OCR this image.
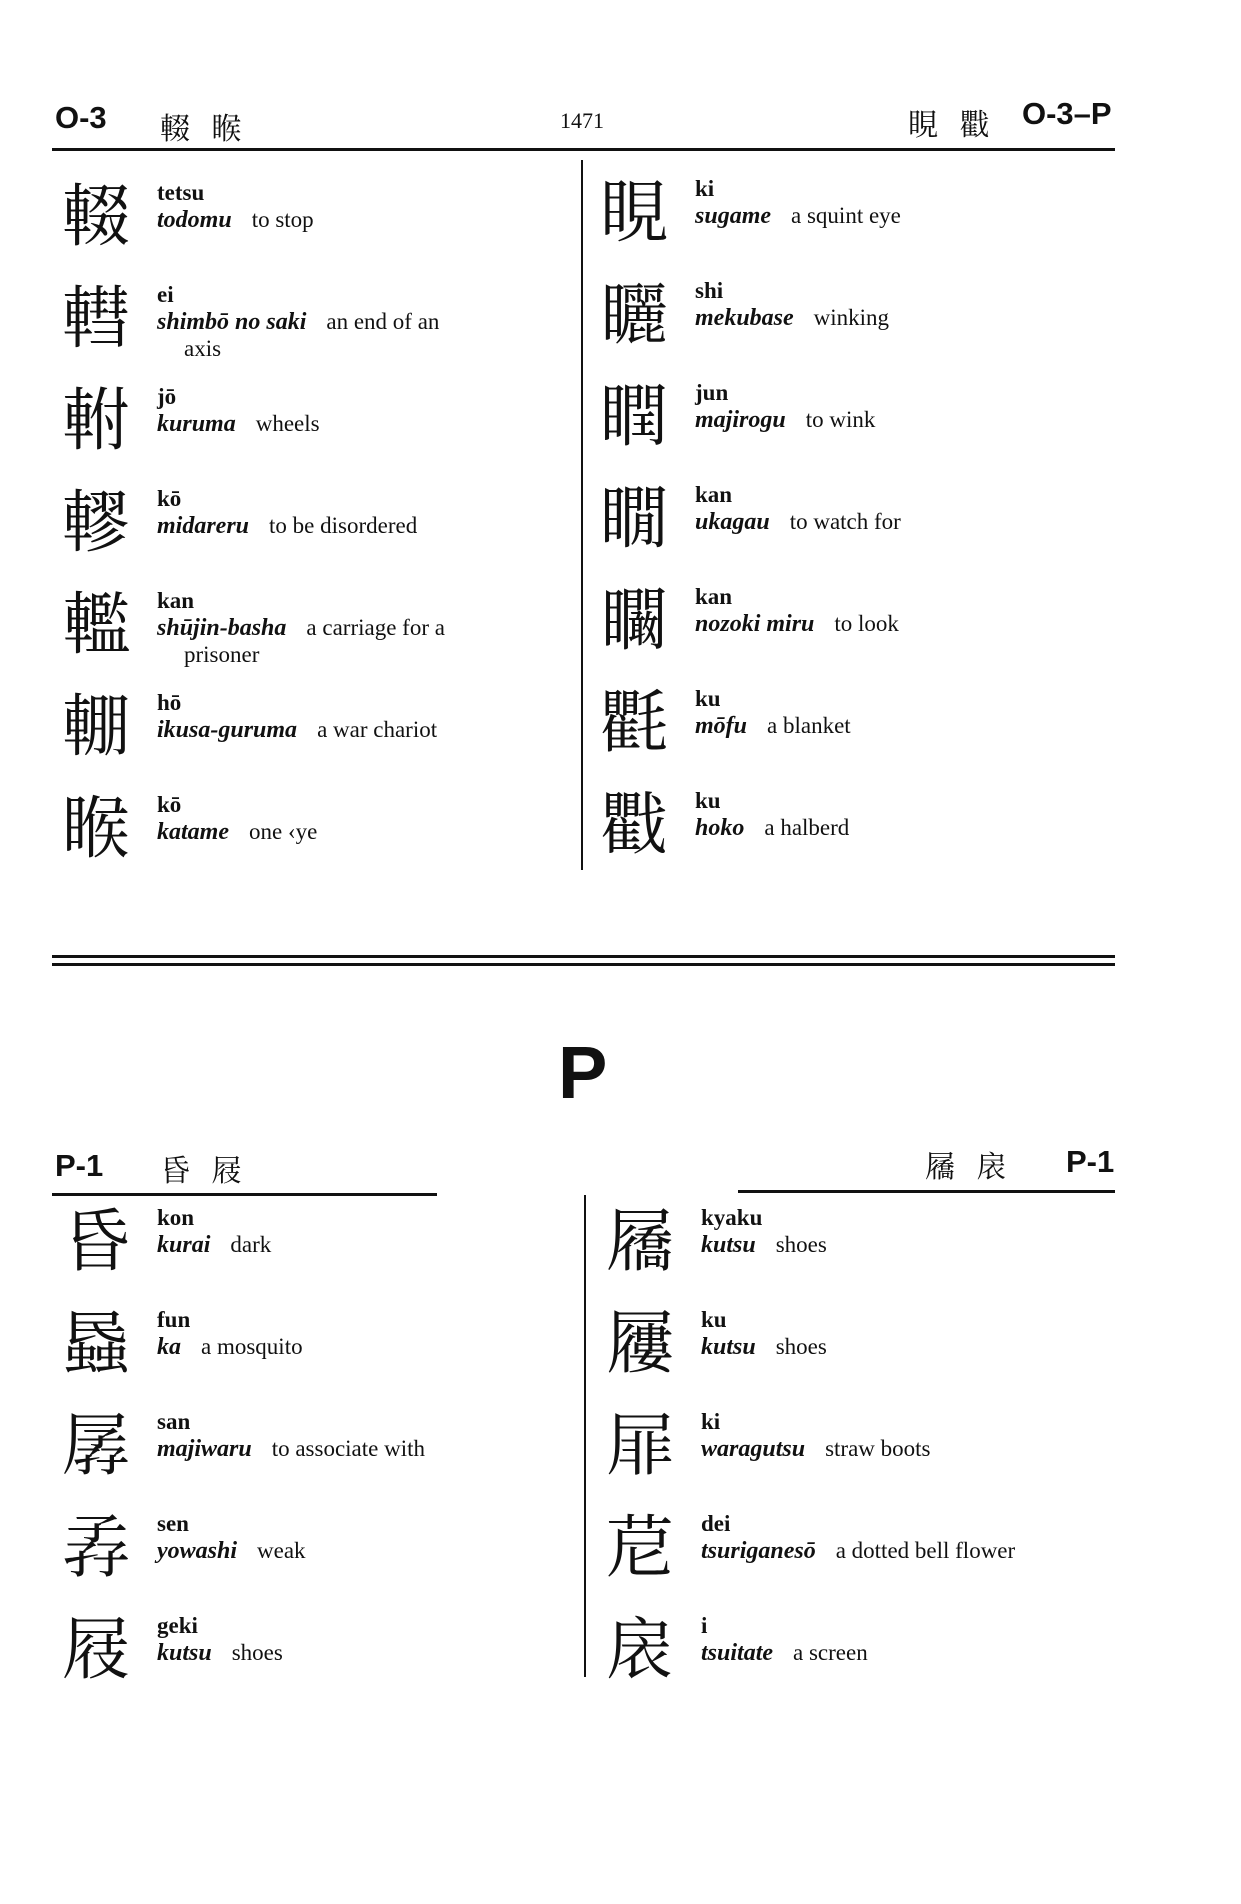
O-3 輟 睺	1471	睍 戵 O-3–P
輟	tetsu
todomu to stop
轊	ei
shimbō no saki an end of an
axis
軵	jō
kuruma wheels
轇	kō
midareru to be disordered
轞	kan
shūjin-basha a carriage for a
prisoner
輣	hō
ikusa-guruma a war chariot
睺	kō
katame one ‹ye
睍	ki
sugame a squint eye
矖	shi
mekubase winking
瞤	jun
majirogu to wink
瞯	kan
ukagau to watch for
矙	kan
nozoki miru to look
氍	ku
mōfu a blanket
戵	ku
hoko a halberd
P
P-1 昏 屐	屩 扆 P-1
昏	kon
kurai dark
蟁	fun
ka a mosquito
孱	san
majiwaru to associate with
孨	sen
yowashi weak
屐	geki
kutsu shoes
屩	kyaku
kutsu shoes
屨	ku
kutsu shoes
屝	ki
waragutsu straw boots
苨	dei
tsuriganesō a dotted bell flower
扆	i
tsuitate a screen
